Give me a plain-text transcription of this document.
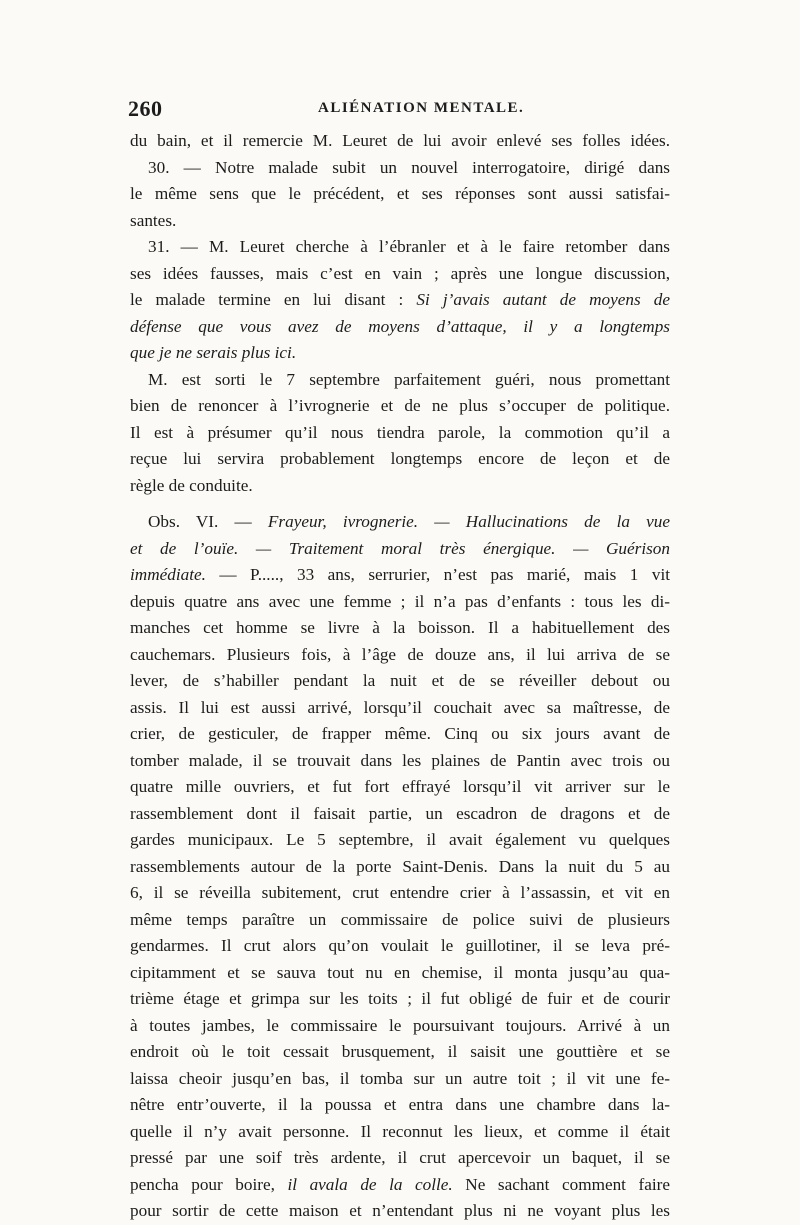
260	ALIÉNATION MENTALE.
du bain, et il remercie M. Leuret de lui avoir enlevé ses folles idées.
30. — Notre malade subit un nouvel interrogatoire, dirigé dans
le même sens que le précédent, et ses réponses sont aussi satisfai-
santes.
31. — M. Leuret cherche à l’ébranler et à le faire retomber dans
ses idées fausses, mais c’est en vain ; après une longue discussion,
le malade termine en lui disant : Si j’avais autant de moyens de
défense que vous avez de moyens d’attaque, il y a longtemps
que je ne serais plus ici.
M. est sorti le 7 septembre parfaitement guéri, nous promettant
bien de renoncer à l’ivrognerie et de ne plus s’occuper de politique.
Il est à présumer qu’il nous tiendra parole, la commotion qu’il a
reçue lui servira probablement longtemps encore de leçon et de
règle de conduite.
Obs. VI. — Frayeur, ivrognerie. — Hallucinations de la vue
et de l’ouïe. — Traitement moral très énergique. — Guérison
immédiate. — P....., 33 ans, serrurier, n’est pas marié, mais 1 vit
depuis quatre ans avec une femme ; il n’a pas d’enfants : tous les di-
manches cet homme se livre à la boisson. Il a habituellement des
cauchemars. Plusieurs fois, à l’âge de douze ans, il lui arriva de se
lever, de s’habiller pendant la nuit et de se réveiller debout ou
assis. Il lui est aussi arrivé, lorsqu’il couchait avec sa maîtresse, de
crier, de gesticuler, de frapper même. Cinq ou six jours avant de
tomber malade, il se trouvait dans les plaines de Pantin avec trois ou
quatre mille ouvriers, et fut fort effrayé lorsqu’il vit arriver sur le
rassemblement dont il faisait partie, un escadron de dragons et de
gardes municipaux. Le 5 septembre, il avait également vu quelques
rassemblements autour de la porte Saint-Denis. Dans la nuit du 5 au
6, il se réveilla subitement, crut entendre crier à l’assassin, et vit en
même temps paraître un commissaire de police suivi de plusieurs
gendarmes. Il crut alors qu’on voulait le guillotiner, il se leva pré-
cipitamment et se sauva tout nu en chemise, il monta jusqu’au qua-
trième étage et grimpa sur les toits ; il fut obligé de fuir et de courir
à toutes jambes, le commissaire le poursuivant toujours. Arrivé à un
endroit où le toit cessait brusquement, il saisit une gouttière et se
laissa cheoir jusqu’en bas, il tomba sur un autre toit ; il vit une fe-
nêtre entr’ouverte, il la poussa et entra dans une chambre dans la-
quelle il n’y avait personne. Il reconnut les lieux, et comme il était
pressé par une soif très ardente, il crut apercevoir un baquet, il se
pencha pour boire, il avala de la colle. Ne sachant comment faire
pour sortir de cette maison et n’entendant plus ni ne voyant plus les
